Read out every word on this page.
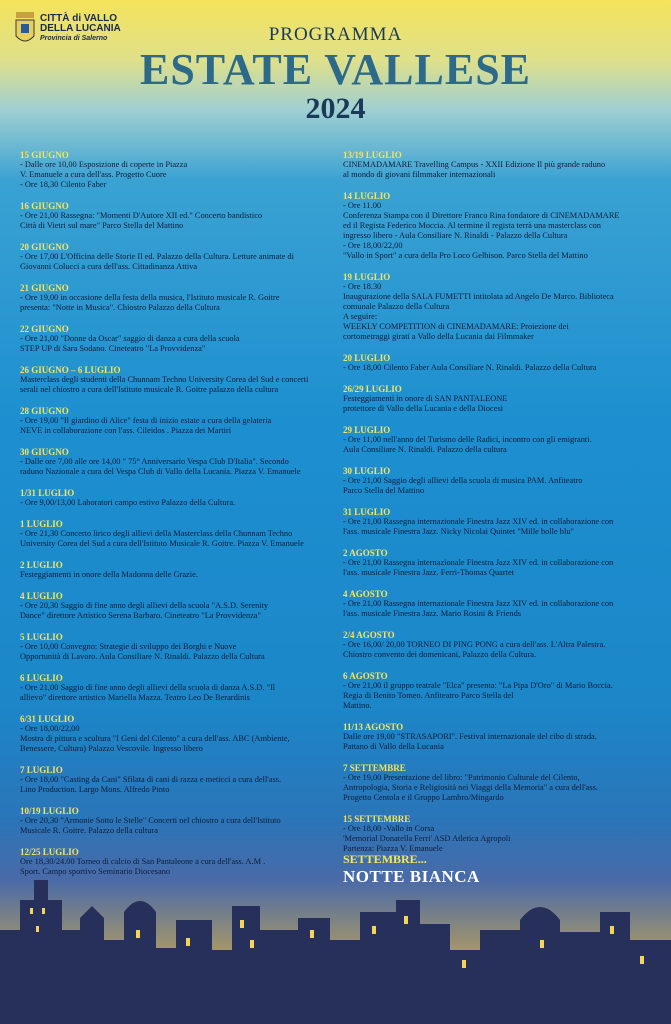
CITTÀ di VALLO
DELLA LUCANIA
Provincia di Salerno	PROGRAMMA
ESTATE VALLESE
2024
15 GIUGNO

- Dalle ore 10,00 Esposizione di coperte in Piazza

V. Emanuele a cura dell'ass. Progetto Cuore

- Ore 18,30 Cilento Faber

16 GIUGNO

- Ore 21,00 Rassegna: "Momenti D'Autore XII ed." Concerto bandistico

Città di Vietri sul mare" Parco Stella del Mattino

20 GIUGNO

- Ore 17,00 L'Officina delle Storie Il ed. Palazzo della Cultura. Letture animate di

Giovanni Colucci a cura dell'ass. Cittadinanza Attiva

21 GIUGNO

- Ore 19,00 in occasione della festa della musica, l'Istituto musicale R. Goitre

presenta: "Notte in Musica". Chiostro Palazzo della Cultura

22 GIUGNO

- Ore 21,00 "Donne da Oscar" saggio di danza a cura della scuola

STEP UP di Sara Sodano. Cineteatro "La Provvidenza"

26 GIUGNO – 6 LUGLIO

Masterclass degli studenti della Chunnam Techno University Corea del Sud e concerti

serali nel chiostro a cura dell'Istituto musicale R. Goitre palazzo della cultura

28 GIUGNO

- Ore 19,00 "Il giardino di Alice" festa di inizio estate a cura della gelateria

NEVE in collaborazione con l'ass. Cileidos . Piazza dei Martiri

30 GIUGNO

- Dalle ore 7,00 alle ore 14,00 " 75° Anniversario Vespa Club D'Italia". Secondo

raduno Nazionale a cura del Vespa Club di Vallo della Lucania. Piazza V. Emanuele

1/31 LUGLIO

- Ore 9,00/13,00 Laboratori campo estivo Palazzo della Cultura.

1 LUGLIO

- Ore 21,30 Concerto lirico degli allievi della Masterclass della Chunnam Techno

University Corea del Sud a cura dell'Istituto Musicale R. Goitre. Piazza V. Emanuele

2 LUGLIO

Festeggiamenti in onore della Madonna delle Grazie.

4 LUGLIO

- Ore 20,30 Saggio di fine anno degli allievi della scuola "A.S.D. Serenity

Dance" direttore Artistico Serena Barbaro. Cineteatro "La Provvidenza"

5 LUGLIO

- Ore 10,00 Convegno: Strategie di sviluppo dei Borghi e Nuove

Opportunità di Lavoro. Aula Consiliare N. Rinaldi. Palazzo della Cultura

6 LUGLIO

- Ore 21,00 Saggio di fine anno degli allievi della scuola di danza A.S.D. "Il

allievo" direttore artistico Mariella Mazza. Teatro Leo De Berardinis

6/31 LUGLIO

- Ore 18,00/22,00

Mostra di pittura e scultura "I Geni del Cilento" a cura dell'ass. ABC (Ambiente,

Benessere, Cultura) Palazzo Vescovile. Ingresso libero

7 LUGLIO

- Ore 18,00 "Casting da Cani" Sfilata di cani di razza e meticci a cura dell'ass.

Lino Production. Largo Mons. Alfredo Pinto

10/19 LUGLIO

- Ore 20,30 "Armonie Sotto le Stelle" Concerti nel chiostro a cura dell'Istituto

Musicale R. Goitre. Palazzo della cultura

12/25 LUGLIO

Ore 18,30/24.00 Torneo di calcio di San Pantaleone a cura dell'ass. A.M .

Sport. Campo sportivo Seminario Diocesano

13/19 LUGLIO

CINEMADAMARE Travelling Campus - XXII Edizione Il più grande raduno

al mondo di giovani filmmaker internazionali

14 LUGLIO

- Ore 11.00

Conferenza Stampa con il Direttore Franco Rina fondatore di CINEMADAMARE

ed il Regista Federico Moccia. Al termine il regista terrà una masterclass con

ingresso libero - Aula Consiliare N. Rinaldi - Palazzo della Cultura

- Ore 18,00/22,00

"Vallo in Sport" a cura della Pro Loco Gelbison. Parco Stella del Mattino

19 LUGLIO

- Ore 18.30

Inaugurazione della SALA FUMETTI intitolata ad Angelo De Marco. Biblioteca

comunale Palazzo della Cultura

A seguire:

WEEKLY COMPETITION di CINEMADAMARE: Proiezione dei

cortometraggi girati a Vallo della Lucania dai Filmmaker

20 LUGLIO

- Ore 18,00 Cilento Faber Aula Consiliare N. Rinaldi. Palazzo della Cultura

26/29 LUGLIO

Festeggiamenti in onore di SAN PANTALEONE

protettore di Vallo della Lucania e della Diocesi

29 LUGLIO

- Ore 11,00 nell'anno del Turismo delle Radici, incontro con gli emigranti.

Aula Consiliare N. Rinaldi. Palazzo della cultura

30 LUGLIO

- Ore 21,00 Saggio degli allievi della scuola di musica PAM. Anfiteatro

Parco Stella del Mattino

31 LUGLIO

- Ore 21,00 Rassegna internazionale Finestra Jazz XIV ed. in collaborazione con

l'ass. musicale Finestra Jazz. Nicky Nicolai Quintet "Mille bolle blu"

2 AGOSTO

- Ore 21,00 Rassegna internazionale Finestra Jazz XIV ed. in collaborazione con

l'ass. musicale Finestra Jazz. Ferri-Thomas Quartet

4 AGOSTO

- Ore 21,00 Rassegna internazionale Finestra Jazz XIV ed. in collaborazione con

l'ass. musicale Finestra Jazz. Mario Rosini & Friends

2/4 AGOSTO

- Ore 16,00/ 20,00 TORNEO DI PING PONG a cura dell'ass. L'Altra Palestra.

Chiostro convento dei domenicani, Palazzo della Cultura.

6 AGOSTO

- Ore 21,00 il gruppo teatrale "Elca" presenta: "La Pipa D'Oro" di Mario Boccia.

Regia di Benito Tomeo. Anfiteatro Parco Stella del

Mattino.

11/13 AGOSTO

Dalle ore 19,00 "STRASAPORI". Festival internazionale del cibo di strada.

Pattano di Vallo della Lucania

7 SETTEMBRE

- Ore 19,00 Presentazione del libro: "Patrimonio Culturale del Cilento,

Antropologia, Storia e Religiosità nei Viaggi della Memoria" a cura dell'ass.

Progetto Centola e il Gruppo Lambro/Mingardo

15 SETTEMBRE

- Ore 18,00 -Vallo in Corsa

'Memorial Donatella Ferri' ASD Atletica Agropoli

Partenza: Piazza V. Emanuele

SETTEMBRE...
NOTTE BIANCA
